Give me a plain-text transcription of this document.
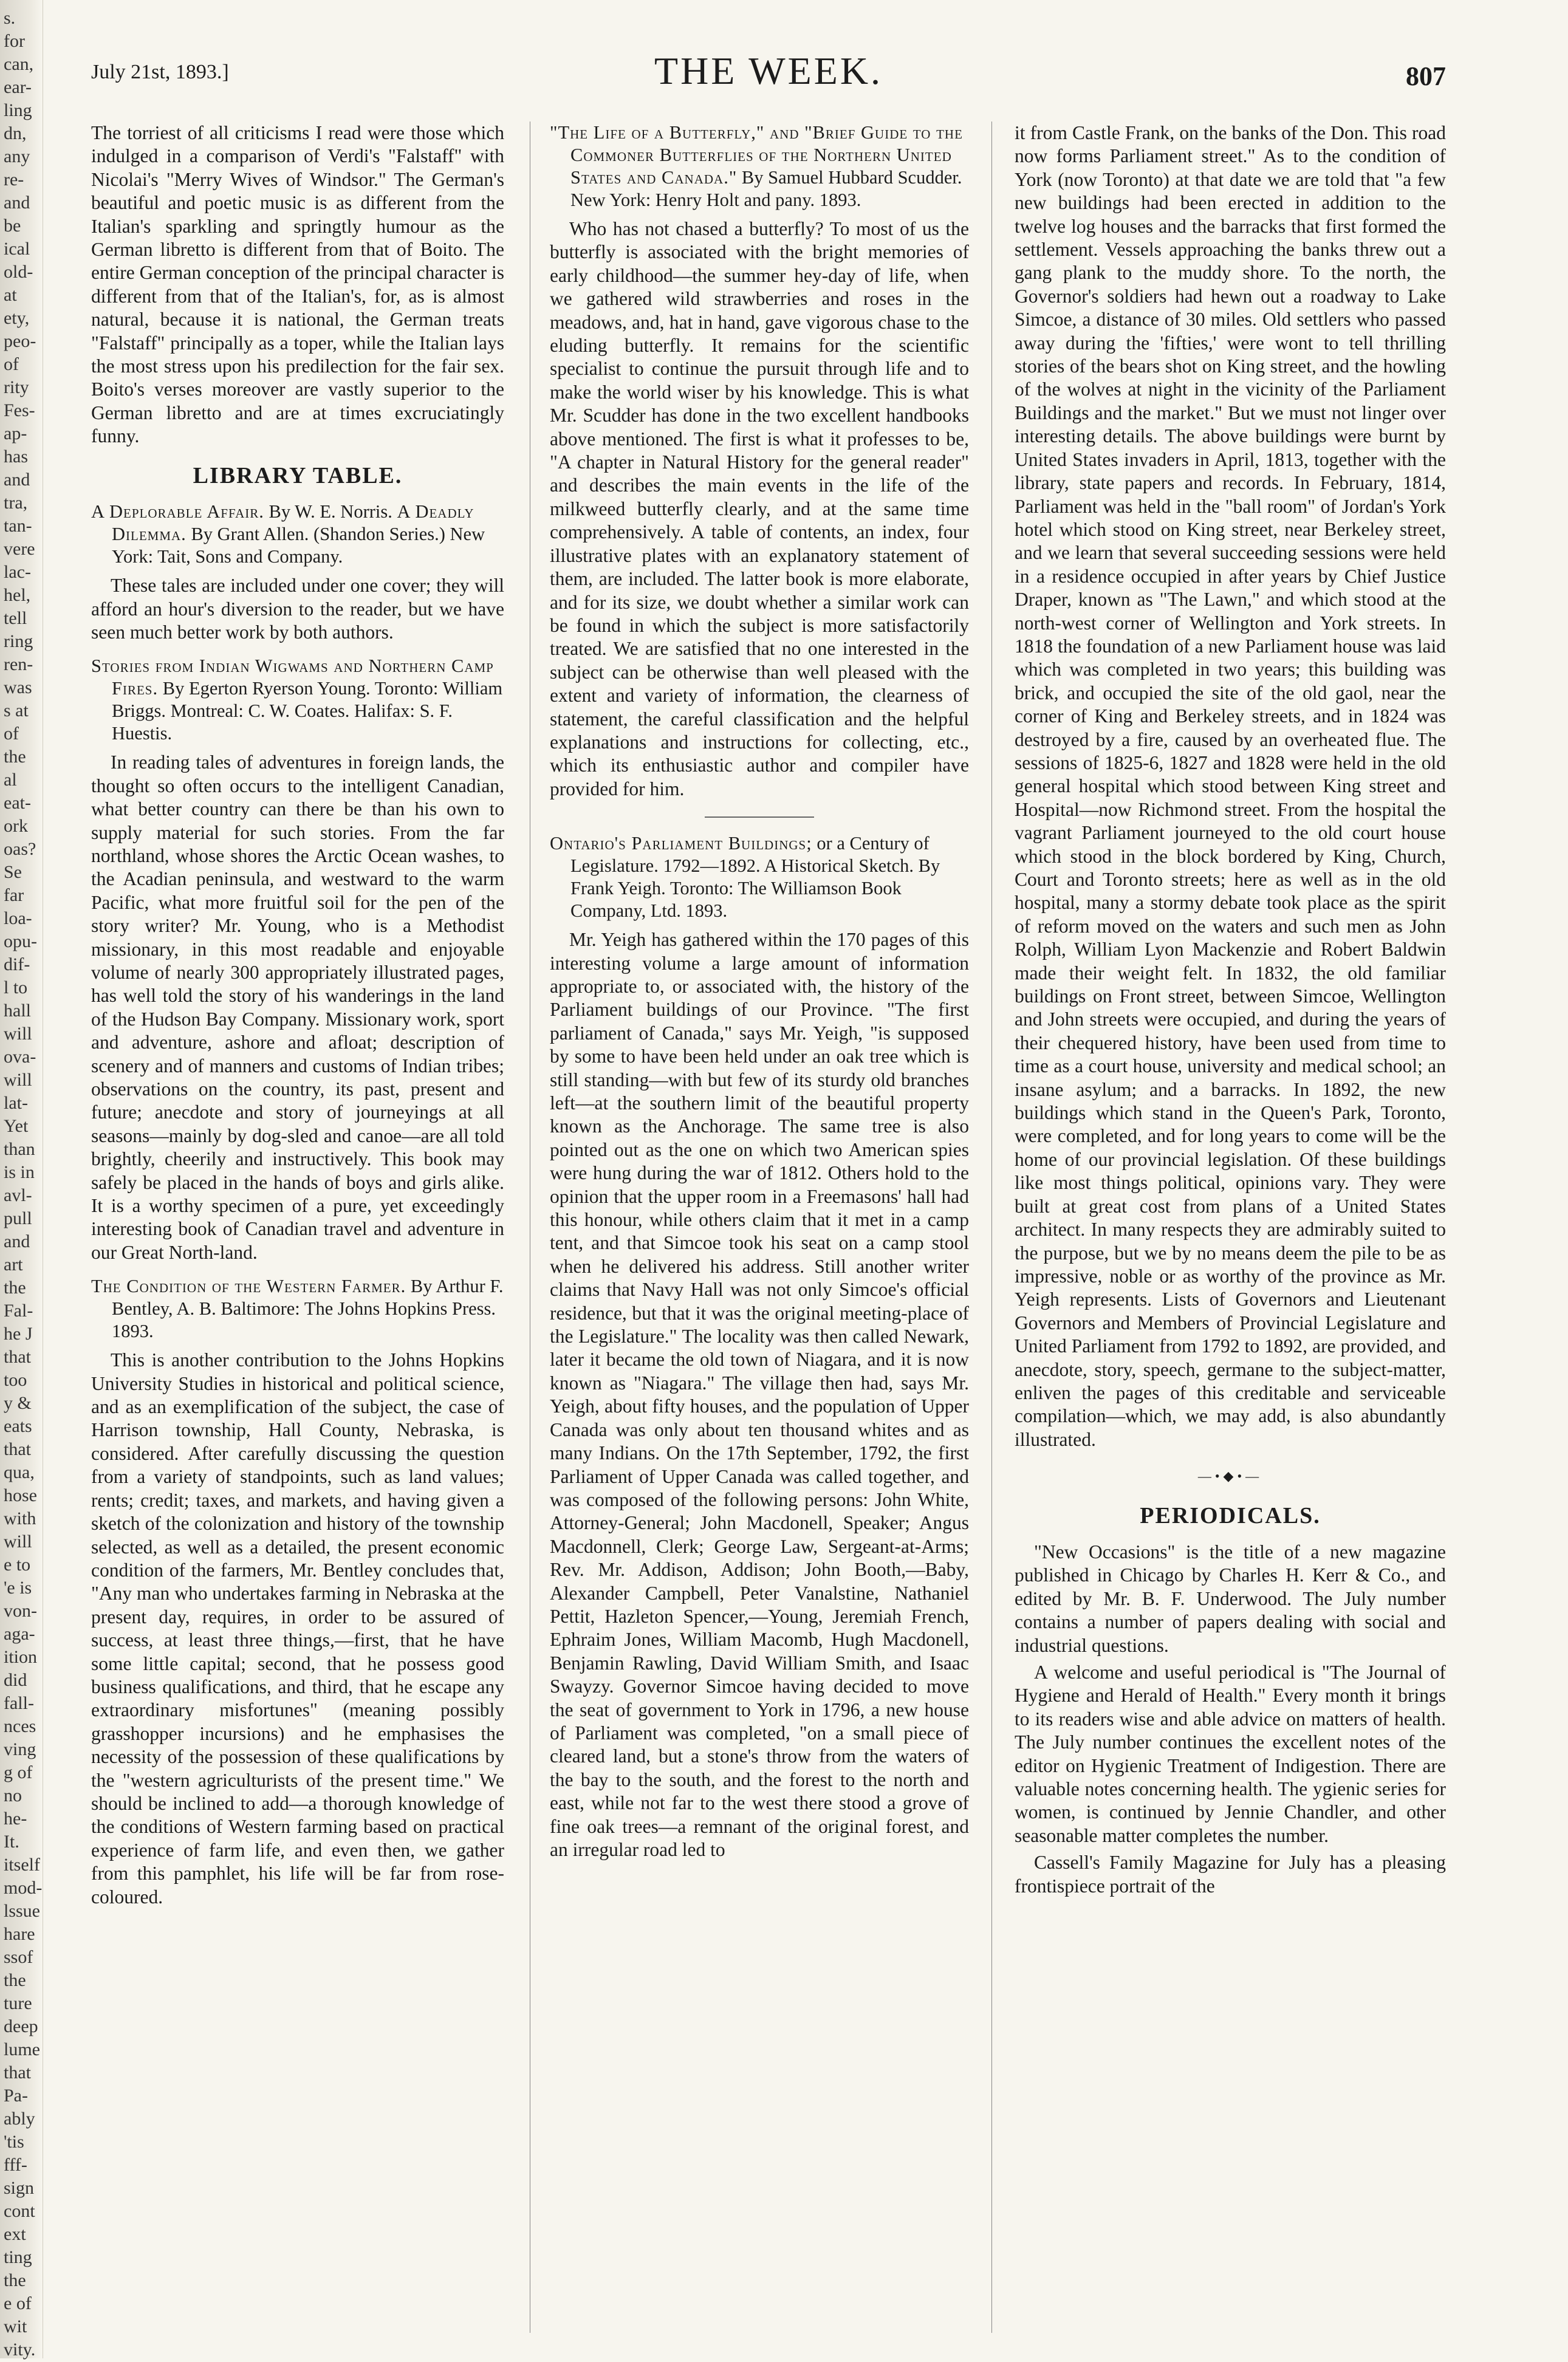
s.
for
can,
ear-
ling
dn,
any
re-
and
be
ical
old-
at
ety,
peo-
of
rity
Fes-
ap-
has
and
tra,
tan-
vere
lac-
hel,
tell
ring
ren-
was
s at
of
the
al
eat-
ork
oas?
Se
far
loa-
opu-
dif-
l to
hall
will
ova-
will
lat-
Yet
than
is in
avl-
pull
and
art
the
Fal-
he J
that
too
y &
eats
that
qua,
hose
with
will
e to
'e is
von-
aga-
ition
did
fall-
nces
ving
g of
no
he-
It.
itself
mod-
lssue
hare
ssof
the
ture
deep
lume
that
Pa-
ably
'tis
fff-
sign
cont
ext
ting
the
e of
wit
vity.
July 21st, 1893.]	THE WEEK.	807

The torriest of all criticisms I read were those which indulged in a comparison of Verdi's "Falstaff" with Nicolai's "Merry Wives of Windsor." The German's beautiful and poetic music is as different from the Italian's sparkling and springtly humour as the German libretto is different from that of Boito. The entire German conception of the principal character is different from that of the Italian's, for, as is almost natural, because it is national, the German treats "Falstaff" principally as a toper, while the Italian lays the most stress upon his predilection for the fair sex. Boito's verses moreover are vastly superior to the German libretto and are at times excruciatingly funny.

LIBRARY TABLE.
A Deplorable Affair. By W. E. Norris. A Deadly Dilemma. By Grant Allen. (Shandon Series.) New York: Tait, Sons and Company.

These tales are included under one cover; they will afford an hour's diversion to the reader, but we have seen much better work by both authors.

Stories from Indian Wigwams and Northern Camp Fires. By Egerton Ryerson Young. Toronto: William Briggs. Montreal: C. W. Coates. Halifax: S. F. Huestis.

In reading tales of adventures in foreign lands, the thought so often occurs to the intelligent Canadian, what better country can there be than his own to supply material for such stories. From the far northland, whose shores the Arctic Ocean washes, to the Acadian peninsula, and westward to the warm Pacific, what more fruitful soil for the pen of the story writer? Mr. Young, who is a Methodist missionary, in this most readable and enjoyable volume of nearly 300 appropriately illustrated pages, has well told the story of his wanderings in the land of the Hudson Bay Company. Missionary work, sport and adventure, ashore and afloat; description of scenery and of manners and customs of Indian tribes; observations on the country, its past, present and future; anecdote and story of journeyings at all seasons—mainly by dog-sled and canoe—are all told brightly, cheerily and instructively. This book may safely be placed in the hands of boys and girls alike. It is a worthy specimen of a pure, yet exceedingly interesting book of Canadian travel and adventure in our Great North-land.

The Condition of the Western Farmer. By Arthur F. Bentley, A. B. Baltimore: The Johns Hopkins Press. 1893.

This is another contribution to the Johns Hopkins University Studies in historical and political science, and as an exemplification of the subject, the case of Harrison township, Hall County, Nebraska, is considered. After carefully discussing the question from a variety of standpoints, such as land values; rents; credit; taxes, and markets, and having given a sketch of the colonization and history of the township selected, as well as a detailed, the present economic condition of the farmers, Mr. Bentley concludes that, "Any man who undertakes farming in Nebraska at the present day, requires, in order to be assured of success, at least three things,—first, that he have some little capital; second, that he possess good business qualifications, and third, that he escape any extraordinary misfortunes" (meaning possibly grasshopper incursions) and he emphasises the necessity of the possession of these qualifications by the "western agriculturists of the present time." We should be inclined to add—a thorough knowledge of the conditions of Western farming based on practical experience of farm life, and even then, we gather from this pamphlet, his life will be far from rose-coloured.

"The Life of a Butterfly," and "Brief Guide to the Commoner Butterflies of the Northern United States and Canada." By Samuel Hubbard Scudder. New York: Henry Holt and pany. 1893.

Who has not chased a butterfly? To most of us the butterfly is associated with the bright memories of early childhood—the summer hey-day of life, when we gathered wild strawberries and roses in the meadows, and, hat in hand, gave vigorous chase to the eluding butterfly. It remains for the scientific specialist to continue the pursuit through life and to make the world wiser by his knowledge. This is what Mr. Scudder has done in the two excellent handbooks above mentioned. The first is what it professes to be, "A chapter in Natural History for the general reader" and describes the main events in the life of the milkweed butterfly clearly, and at the same time comprehensively. A table of contents, an index, four illustrative plates with an explanatory statement of them, are included. The latter book is more elaborate, and for its size, we doubt whether a similar work can be found in which the subject is more satisfactorily treated. We are satisfied that no one interested in the subject can be otherwise than well pleased with the extent and variety of information, the clearness of statement, the careful classification and the helpful explanations and instructions for collecting, etc., which its enthusiastic author and compiler have provided for him.

Ontario's Parliament Buildings; or a Century of Legislature. 1792—1892. A Historical Sketch. By Frank Yeigh. Toronto: The Williamson Book Company, Ltd. 1893.

Mr. Yeigh has gathered within the 170 pages of this interesting volume a large amount of information appropriate to, or associated with, the history of the Parliament buildings of our Province. "The first parliament of Canada," says Mr. Yeigh, "is supposed by some to have been held under an oak tree which is still standing—with but few of its sturdy old branches left—at the southern limit of the beautiful property known as the Anchorage. The same tree is also pointed out as the one on which two American spies were hung during the war of 1812. Others hold to the opinion that the upper room in a Freemasons' hall had this honour, while others claim that it met in a camp tent, and that Simcoe took his seat on a camp stool when he delivered his address. Still another writer claims that Navy Hall was not only Simcoe's official residence, but that it was the original meeting-place of the Legislature." The locality was then called Newark, later it became the old town of Niagara, and it is now known as "Niagara." The village then had, says Mr. Yeigh, about fifty houses, and the population of Upper Canada was only about ten thousand whites and as many Indians. On the 17th September, 1792, the first Parliament of Upper Canada was called together, and was composed of the following persons: John White, Attorney-General; John Macdonell, Speaker; Angus Macdonnell, Clerk; George Law, Sergeant-at-Arms; Rev. Mr. Addison, Addison; John Booth,—Baby, Alexander Campbell, Peter Vanalstine, Nathaniel Pettit, Hazleton Spencer,—Young, Jeremiah French, Ephraim Jones, William Macomb, Hugh Macdonell, Benjamin Rawling, David William Smith, and Isaac Swayzy. Governor Simcoe having decided to move the seat of government to York in 1796, a new house of Parliament was completed, "on a small piece of cleared land, but a stone's throw from the waters of the bay to the south, and the forest to the north and east, while not far to the west there stood a grove of fine oak trees—a remnant of the original forest, and an irregular road led to

it from Castle Frank, on the banks of the Don. This road now forms Parliament street." As to the condition of York (now Toronto) at that date we are told that "a few new buildings had been erected in addition to the twelve log houses and the barracks that first formed the settlement. Vessels approaching the banks threw out a gang plank to the muddy shore. To the north, the Governor's soldiers had hewn out a roadway to Lake Simcoe, a distance of 30 miles. Old settlers who passed away during the 'fifties,' were wont to tell thrilling stories of the bears shot on King street, and the howling of the wolves at night in the vicinity of the Parliament Buildings and the market." But we must not linger over interesting details. The above buildings were burnt by United States invaders in April, 1813, together with the library, state papers and records. In February, 1814, Parliament was held in the "ball room" of Jordan's York hotel which stood on King street, near Berkeley street, and we learn that several succeeding sessions were held in a residence occupied in after years by Chief Justice Draper, known as "The Lawn," and which stood at the north-west corner of Wellington and York streets. In 1818 the foundation of a new Parliament house was laid which was completed in two years; this building was brick, and occupied the site of the old gaol, near the corner of King and Berkeley streets, and in 1824 was destroyed by a fire, caused by an overheated flue. The sessions of 1825-6, 1827 and 1828 were held in the old general hospital which stood between King street and Hospital—now Richmond street. From the hospital the vagrant Parliament journeyed to the old court house which stood in the block bordered by King, Church, Court and Toronto streets; here as well as in the old hospital, many a stormy debate took place as the spirit of reform moved on the waters and such men as John Rolph, William Lyon Mackenzie and Robert Baldwin made their weight felt. In 1832, the old familiar buildings on Front street, between Simcoe, Wellington and John streets were occupied, and during the years of their chequered history, have been used from time to time as a court house, university and medical school; an insane asylum; and a barracks. In 1892, the new buildings which stand in the Queen's Park, Toronto, were completed, and for long years to come will be the home of our provincial legislation. Of these buildings like most things political, opinions vary. They were built at great cost from plans of a United States architect. In many respects they are admirably suited to the purpose, but we by no means deem the pile to be as impressive, noble or as worthy of the province as Mr. Yeigh represents. Lists of Governors and Lieutenant Governors and Members of Provincial Legislature and United Parliament from 1792 to 1892, are provided, and anecdote, story, speech, germane to the subject-matter, enliven the pages of this creditable and serviceable compilation—which, we may add, is also abundantly illustrated.

—•◆•—
PERIODICALS.

"New Occasions" is the title of a new magazine published in Chicago by Charles H. Kerr & Co., and edited by Mr. B. F. Underwood. The July number contains a number of papers dealing with social and industrial questions.

A welcome and useful periodical is "The Journal of Hygiene and Herald of Health." Every month it brings to its readers wise and able advice on matters of health. The July number continues the excellent notes of the editor on Hygienic Treatment of Indigestion. There are valuable notes concerning health. The ygienic series for women, is continued by Jennie Chandler, and other seasonable matter completes the number.

Cassell's Family Magazine for July has a pleasing frontispiece portrait of the
